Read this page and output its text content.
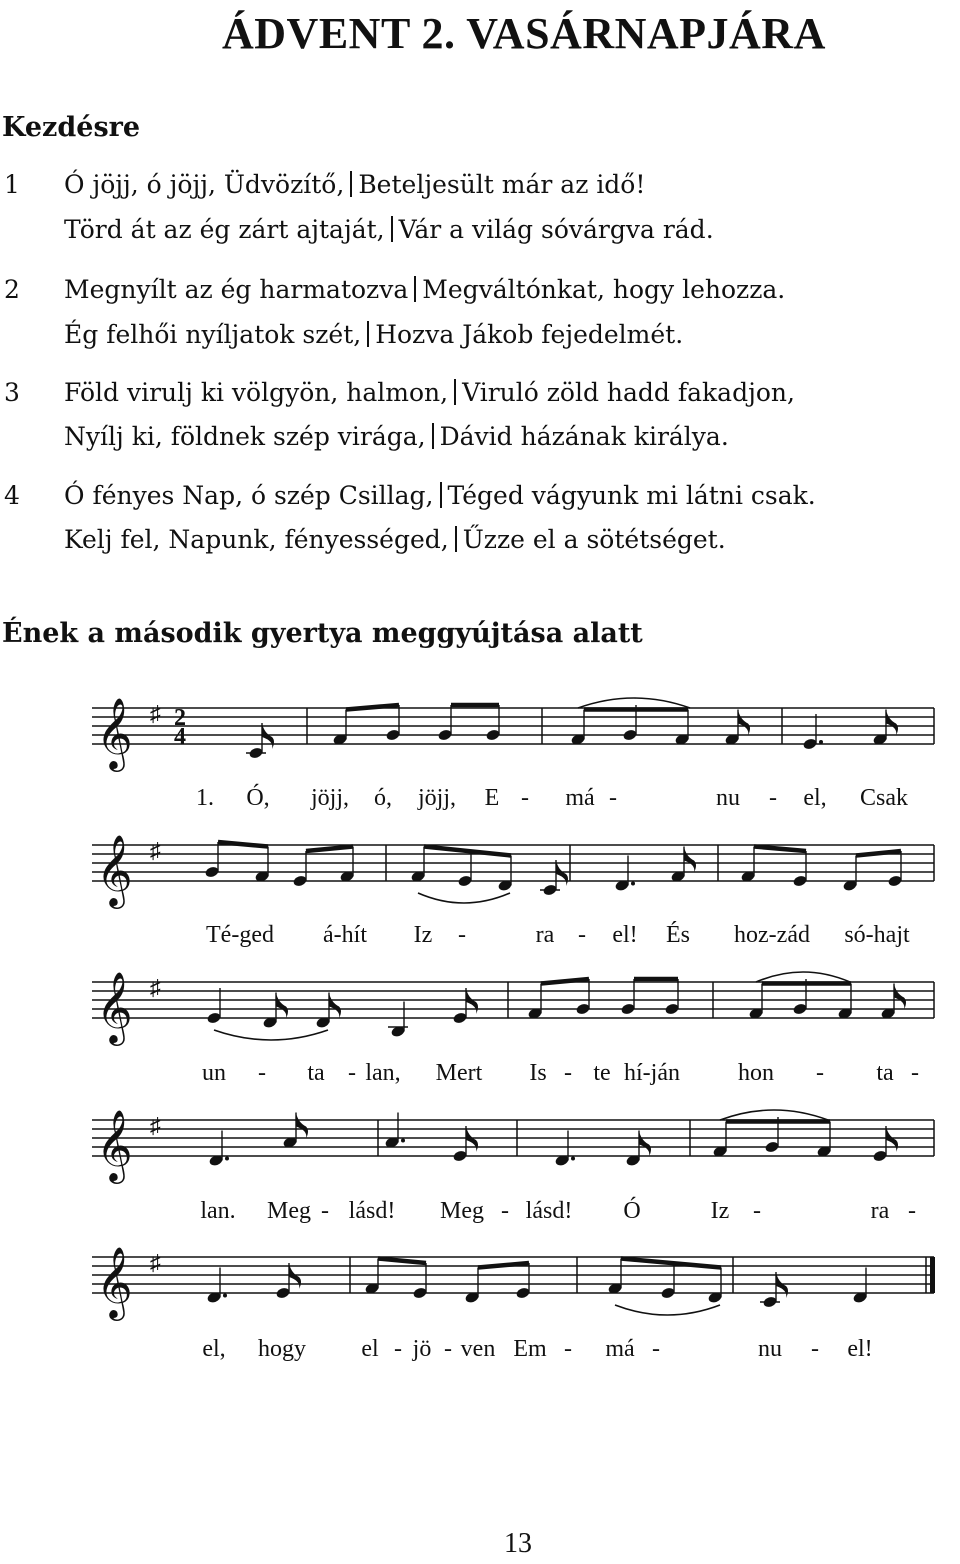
ÁDVENT 2. VASÁRNAPJÁRA
Kezdésre
1 Ó jöjj, ó jöjj, Üdvözítő, Beteljesült már az idő!
Törd át az ég zárt ajtaját, Vár a világ sóvárgva rád.
2 Megnyílt az ég harmatozva Megváltónkat, hogy lehozza.
Ég felhői nyíljatok szét, Hozva Jákob fejedelmét.
3 Föld virulj ki völgyön, halmon, Viruló zöld hadd fakadjon,
Nyílj ki, földnek szép virága, Dávid házának királya.
4 Ó fényes Nap, ó szép Csillag, Téged vágyunk mi látni csak.
Kelj fel, Napunk, fényességed, Űzze el a sötétséget.
Ének a második gyertya meggyújtása alatt
𝄞 ♯ 2
4
1. Ó, jöjj, ó, jöjj, E - má -	nu - el, Csak
𝄞 ♯
Té-ged á-hít Iz -	ra - el! És hoz-zád só-hajt
𝄞 ♯
un - ta - lan, Mert Is - te hí-ján hon - ta -
𝄞 ♯
lan. Meg - lásd! Meg - lásd! Ó	Iz -	ra -
𝄞 ♯
el, hogy el - jö - ven Em - má -	nu - el!
13
